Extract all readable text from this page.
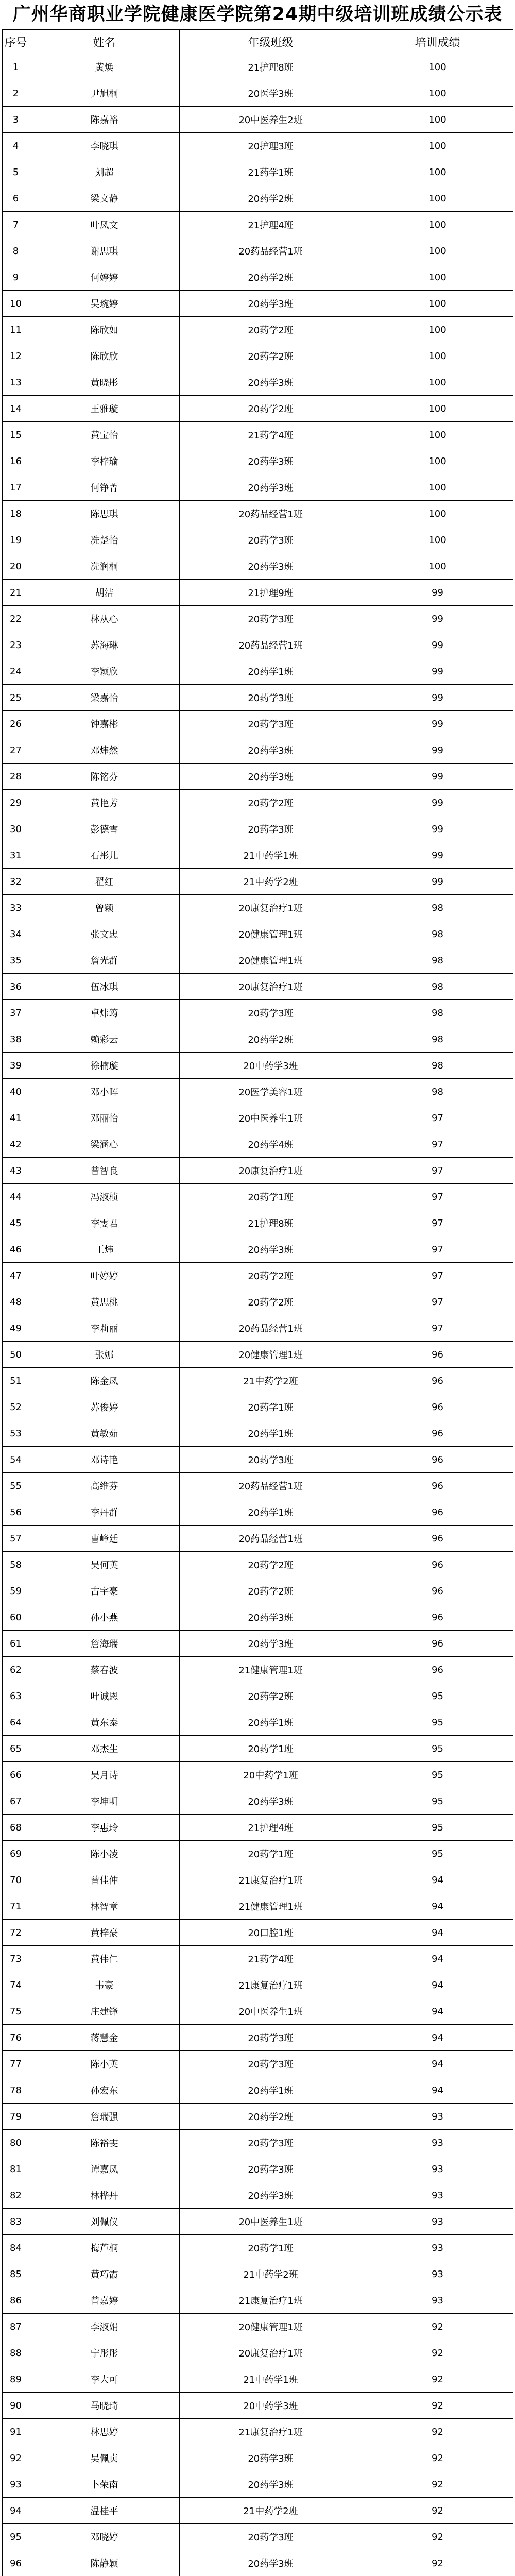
广州华商职业学院健康医学院第24期中级培训班成绩公示表
序号	姓名	年级班级	培训成绩
1	黄焕	21护理8班	100
2	尹旭桐	20医学3班	100
3	陈嘉裕	20中医养生2班	100
4	李晓琪	20护理3班	100
5	刘超	21药学1班	100
6	梁文静	20药学2班	100
7	叶凤文	21护理4班	100
8	谢思琪	20药品经营1班	100
9	何婷婷	20药学2班	100
10	吴琬婷	20药学3班	100
11	陈欣如	20药学2班	100
12	陈欣欣	20药学2班	100
13	黄晓彤	20药学3班	100
14	王雅璇	20药学2班	100
15	黄宝怡	21药学4班	100
16	李梓瑜	20药学3班	100
17	何铮菁	20药学3班	100
18	陈思琪	20药品经营1班	100
19	冼楚怡	20药学3班	100
20	冼润桐	20药学3班	100
21	胡洁	21护理9班	99
22	林从心	20药学3班	99
23	苏海琳	20药品经营1班	99
24	李颖欣	20药学1班	99
25	梁嘉怡	20药学3班	99
26	钟嘉彬	20药学3班	99
27	邓炜然	20药学3班	99
28	陈铭芬	20药学3班	99
29	黄艳芳	20药学2班	99
30	彭德雪	20药学3班	99
31	石彤儿	21中药学1班	99
32	翟红	21中药学2班	99
33	曾颖	20康复治疗1班	98
34	张文忠	20健康管理1班	98
35	詹光群	20健康管理1班	98
36	伍冰琪	20康复治疗1班	98
37	卓炜筠	20药学3班	98
38	赖彩云	20药学2班	98
39	徐楠璇	20中药学3班	98
40	邓小晖	20医学美容1班	98
41	邓丽怡	20中医养生1班	97
42	梁涵心	20药学4班	97
43	曾智良	20康复治疗1班	97
44	冯淑桢	20药学1班	97
45	李雯君	21护理8班	97
46	王炜	20药学3班	97
47	叶婷婷	20药学2班	97
48	黄思桃	20药学2班	97
49	李莉丽	20药品经营1班	97
50	张娜	20健康管理1班	96
51	陈金凤	21中药学2班	96
52	苏俊婷	20药学1班	96
53	黄敏茹	20药学1班	96
54	邓诗艳	20药学3班	96
55	高维芬	20药品经营1班	96
56	李丹群	20药学1班	96
57	曹峰廷	20药品经营1班	96
58	吴何英	20药学2班	96
59	古宇豪	20药学2班	96
60	孙小燕	20药学3班	96
61	詹海瑞	20药学3班	96
62	蔡春波	21健康管理1班	96
63	叶诚恩	20药学2班	95
64	黄东泰	20药学1班	95
65	邓杰生	20药学1班	95
66	吴月诗	20中药学1班	95
67	李坤明	20药学3班	95
68	李惠玲	21护理4班	95
69	陈小凌	20药学1班	95
70	曾佳仲	21康复治疗1班	94
71	林智章	21健康管理1班	94
72	黄梓豪	20口腔1班	94
73	黄伟仁	21药学4班	94
74	韦豪	21康复治疗1班	94
75	庄建锋	20中医养生1班	94
76	蒋慧金	20药学3班	94
77	陈小英	20药学3班	94
78	孙宏东	20药学1班	94
79	詹瑞强	20药学2班	93
80	陈裕雯	20药学3班	93
81	谭嘉凤	20药学3班	93
82	林桦丹	20药学3班	93
83	刘佩仪	20中医养生1班	93
84	梅芦桐	20药学1班	93
85	黄巧霞	21中药学2班	93
86	曾嘉婷	21康复治疗1班	93
87	李淑娟	20健康管理1班	92
88	宁彤彤	20康复治疗1班	92
89	李大可	21中药学1班	92
90	马晓琦	20中药学3班	92
91	林思婷	21康复治疗1班	92
92	吴佩贞	20药学3班	92
93	卜荣南	20药学3班	92
94	温桂平	21中药学2班	92
95	邓晓婷	20药学3班	92
96	陈静颖	20药学3班	92
